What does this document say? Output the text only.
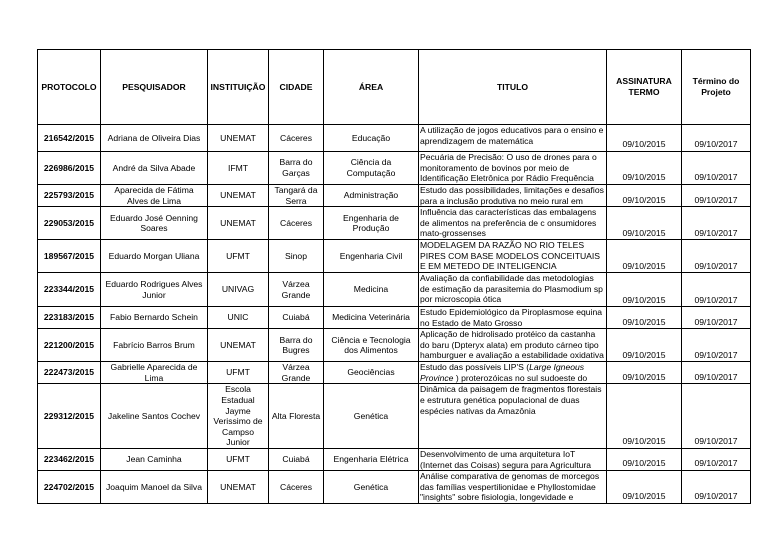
PROTOCOLO	PESQUISADOR	INSTITUIÇÃO	CIDADE	ÁREA	TITULO	ASSINATURA TERMO	Término do Projeto
216542/2015	Adriana de Oliveira Dias	UNEMAT	Cáceres	Educação	A utilização de jogos educativos para o ensino e aprendizagem de matemática	09/10/2015	09/10/2017
226986/2015	André da Silva Abade	IFMT	Barra do Garças	Ciência da Computação	Pecuária de Precisão: O uso de drones para o monitoramento de bovinos por meio de Identificação Eletrônica por Rádio Frequência	09/10/2015	09/10/2017
225793/2015	Aparecida de Fátima Alves de Lima	UNEMAT	Tangará da Serra	Administração	Estudo das possibilidades, limitações e desafios para a inclusão produtiva no meio rural em	09/10/2015	09/10/2017
229053/2015	Eduardo José Oenning Soares	UNEMAT	Cáceres	Engenharia de Produção	Influência das características das embalagens de alimentos na preferência de c onsumidores mato-grossenses	09/10/2015	09/10/2017
189567/2015	Eduardo Morgan Uliana	UFMT	Sinop	Engenharia Civil	MODELAGEM DA RAZÃO NO RIO TELES PIRES COM BASE MODELOS CONCEITUAIS E EM METEDO DE INTELIGENCIA	09/10/2015	09/10/2017
223344/2015	Eduardo Rodrigues Alves Junior	UNIVAG	Várzea Grande	Medicina	Avaliação da confiabilidade das metodologias de estimação da parasitemia do Plasmodium sp por microscopia ótica	09/10/2015	09/10/2017
223183/2015	Fabio Bernardo Schein	UNIC	Cuiabá	Medicina Veterinária	Estudo Epidemiológico da Piroplasmose equina no Estado de Mato Grosso	09/10/2015	09/10/2017
221200/2015	Fabrício Barros Brum	UNEMAT	Barra do Bugres	Ciência e Tecnologia dos Alimentos	Aplicação de hidrolisado protéico da castanha do baru (Dpteryx alata) em produto cárneo tipo hamburguer e avaliação a estabilidade oxidativa	09/10/2015	09/10/2017
222473/2015	Gabrielle Aparecida de Lima	UFMT	Várzea Grande	Geociências	Estudo das possíveis LIP'S (Large Igneous Province ) proterozóicas no sul sudoeste do	09/10/2015	09/10/2017
229312/2015	Jakeline Santos Cochev	Escola Estadual Jayme Verissimo de Campso Junior	Alta Floresta	Genética	Dinâmica da paisagem de fragmentos florestais e estrutura genética populacional de duas espécies nativas da Amazônia	09/10/2015	09/10/2017
223462/2015	Jean Caminha	UFMT	Cuiabá	Engenharia Elétrica	Desenvolvimento de uma arquitetura IoT (Internet das Coisas) segura para Agricultura	09/10/2015	09/10/2017
224702/2015	Joaquim Manoel da Silva	UNEMAT	Cáceres	Genética	Análise comparativa de genomas de morcegos das famílias vespertilionidae e Phyllostomidae "insights" sobre fisiologia, longevidade e	09/10/2015	09/10/2017
